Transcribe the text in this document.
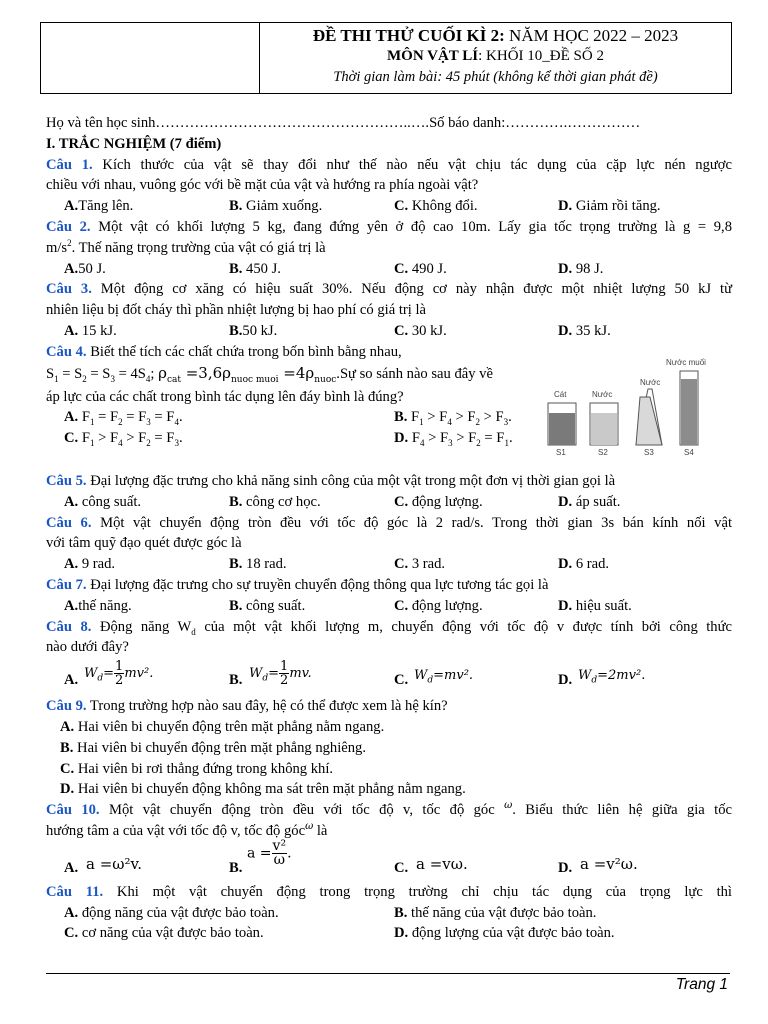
ĐỀ THI THỬ CUỐI KÌ 2: NĂM HỌC 2022 – 2023
MÔN VẬT LÍ: KHỐI 10_ĐỀ SỐ 2
Thời gian làm bài: 45 phút (không kể thời gian phát đề)
Họ và tên học sinh……………………………………………..….Số báo danh:………….……………
I. TRẮC NGHIỆM (7 điểm)
Câu 1. Kích thước của vật sẽ thay đổi như thế nào nếu vật chịu tác dụng của cặp lực nén ngược
chiều với nhau, vuông góc với bề mặt của vật và hướng ra phía ngoài vật?
A.Tăng lên.	B. Giảm xuống.	C. Không đổi.	D. Giảm rồi tăng.
Câu 2. Một vật có khối lượng 5 kg, đang đứng yên ở độ cao 10m. Lấy gia tốc trọng trường là g = 9,8
$m/s^2$. Thế năng trọng trường của vật có giá trị là
A.50 J.	B. 450 J.	C. 490 J.	D. 98 J.
Câu 3. Một động cơ xăng có hiệu suất 30%. Nếu động cơ này nhận được một nhiệt lượng 50 kJ từ
nhiên liệu bị đốt cháy thì phần nhiệt lượng bị hao phí có giá trị là
A. 15 kJ.	B.50 kJ.	C. 30 kJ.	D. 35 kJ.
Câu 4. Biết thể tích các chất chứa trong bốn bình bằng nhau,
$S_1 = S_2 = S_3 = 4S_4$; $\rho_{cat} =3,6\rho_{nuoc muoi}$ $=4\rho_{nuoc}.Sự$ so sánh nào sau đây về
áp lực của các chất trong bình tác dụng lên đáy bình là đúng?
A. $F_1 = F_2 = F_3 = F_4$.	B. $F_1 > F_4 > F_2 > F_3$.
C. $F_1 > F_4 > F_2 = F_3$.	D. $F_4 > F_3 > F_2 = F_1$.
Câu 5. Đại lượng đặc trưng cho khả năng sinh công của một vật trong một đơn vị thời gian gọi là
A. công suất.	B. công cơ học.	C. động lượng.	D. áp suất.
Câu 6. Một vật chuyển động tròn đều với tốc độ góc là 2 rad/s. Trong thời gian 3s bán kính nối vật
với tâm quỹ đạo quét được góc là
A. 9 rad.	B. 18 rad.	C. 3 rad.	D. 6 rad.
Câu 7. Đại lượng đặc trưng cho sự truyền chuyển động thông qua lực tương tác gọi là
A.thế năng.	B. công suất.	C. động lượng.	D. hiệu suất.
Câu 8. Động năng $W_d$ của một vật khối lượng m, chuyển động với tốc độ v được tính bởi công thức
nào dưới đây?
A. $W_d= \frac{1}{2} mv^2$.	B. $W_d= \frac{1}{2}$ mv.	C. $W_d=mv^2$.	D. $W_d=2mv^2$.
Câu 9. Trong trường hợp nào sau đây, hệ có thể được xem là hệ kín?
A. Hai viên bi chuyển động trên mặt phẳng nằm ngang.
B. Hai viên bi chuyển động trên mặt phẳng nghiêng.
C. Hai viên bi rơi thẳng đứng trong không khí.
D. Hai viên bi chuyển động không ma sát trên mặt phẳng nằm ngang.
Câu 10. Một vật chuyển động tròn đều với tốc độ v, tốc độ góc $^\omega$. Biểu thức liên hệ giữa gia tốc
hướng tâm a của vật với tốc độ v, tốc độ góc$^\omega$ là
A. a =ω²v.	B.
$a = \frac{\text{v²}}{\omega}$ .
C. a =vω.	D. a =v²ω.
Câu 11. Khi một vật chuyển động trong trọng trường chỉ chịu tác dụng của trọng lực thì
A. động năng của vật được bảo toàn.	B. thế năng của vật được bảo toàn.
C. cơ năng của vật được bảo toàn.	D. động lượng của vật được bảo toàn.
Nước muối
Nước
Cát	Nước
S1	S2	S3	S4
Trang 1
